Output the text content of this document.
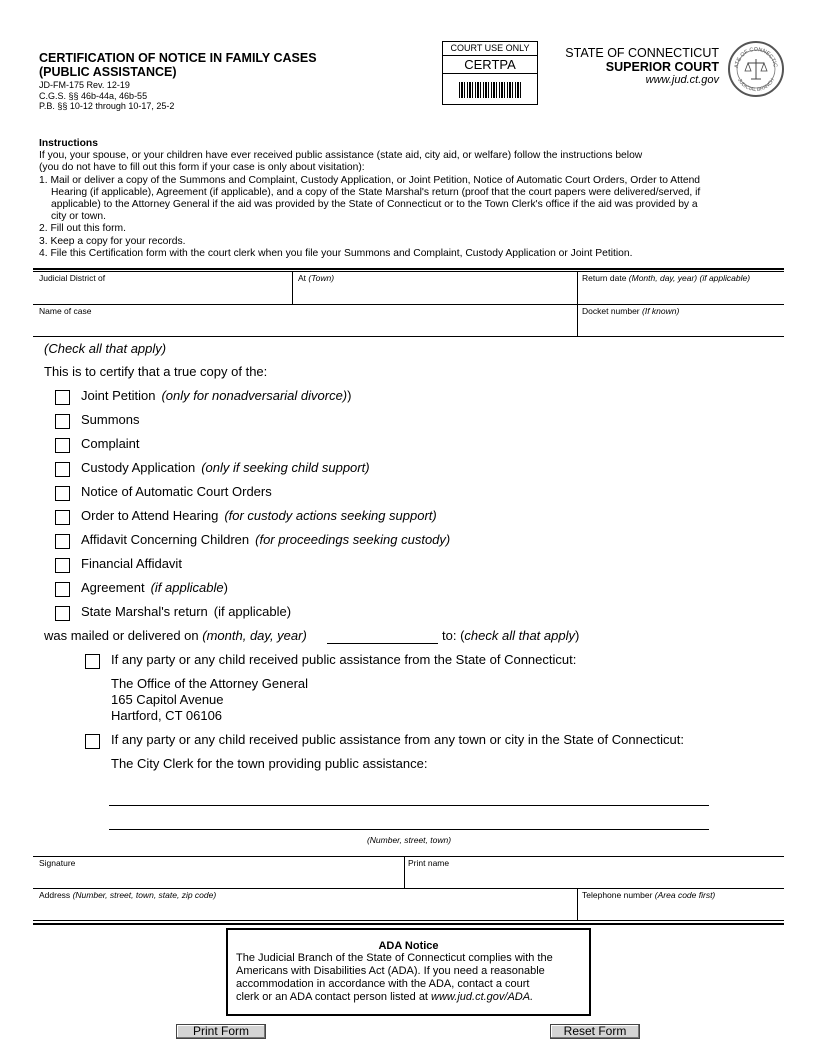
CERTIFICATION OF NOTICE IN FAMILY CASES
(PUBLIC ASSISTANCE)
JD-FM-175 Rev. 12-19
C.G.S. §§ 46b-44a, 46b-55
P.B. §§ 10-12 through 10-17, 25-2
COURT USE ONLY
CERTPA
STATE OF CONNECTICUT
SUPERIOR COURT
www.jud.ct.gov
ATE OF CONNECTIC
JUDICIAL BRANCH
Instructions
If you, your spouse, or your children have ever received public assistance (state aid, city aid, or welfare) follow the instructions below
(you do not have to fill out this form if your case is only about visitation):
1. Mail or deliver a copy of the Summons and Complaint, Custody Application, or Joint Petition, Notice of Automatic Court Orders, Order to Attend
Hearing (if applicable), Agreement (if applicable), and a copy of the State Marshal's return (proof that the court papers were delivered/served, if
applicable) to the Attorney General if the aid was provided by the State of Connecticut or to the Town Clerk's office if the aid was provided by a
city or town.
2. Fill out this form.
3. Keep a copy for your records.
4. File this Certification form with the court clerk when you file your Summons and Complaint, Custody Application or Joint Petition.
Judicial District of	At (Town)	Return date (Month, day, year) (if applicable)
Name of case	Docket number (If known)
(Check all that apply)
This is to certify that a true copy of the:
Joint Petition (only for nonadversarial divorce))
Summons
Complaint
Custody Application (only if seeking child support)
Notice of Automatic Court Orders
Order to Attend Hearing (for custody actions seeking support)
Affidavit Concerning Children (for proceedings seeking custody)
Financial Affidavit
Agreement (if applicable)
State Marshal's return (if applicable)
was mailed or delivered on (month, day, year)	to: (check all that apply)
If any party or any child received public assistance from the State of Connecticut:
The Office of the Attorney General
165 Capitol Avenue
Hartford, CT 06106
If any party or any child received public assistance from any town or city in the State of Connecticut:
The City Clerk for the town providing public assistance:
(Number, street, town)
Signature	Print name
Address (Number, street, town, state, zip code)	Telephone number (Area code first)
ADA Notice
The Judicial Branch of the State of Connecticut complies with the
Americans with Disabilities Act (ADA). If you need a reasonable
accommodation in accordance with the ADA, contact a court
clerk or an ADA contact person listed at www.jud.ct.gov/ADA.
Print Form	Reset Form
